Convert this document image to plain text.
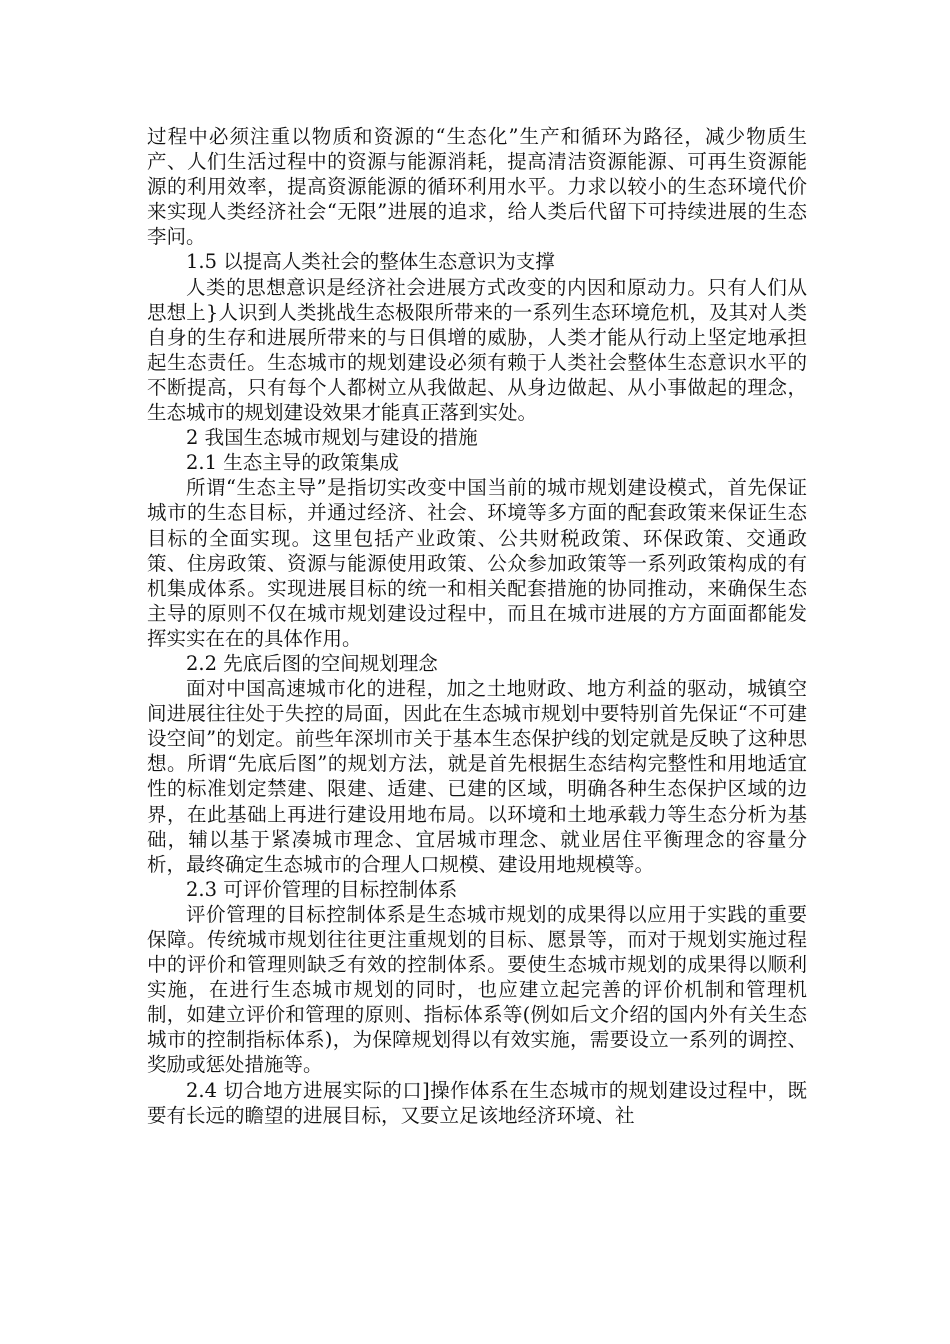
过程中必须注重以物质和资源的“生态化”生产和循环为路径，减少物质生产、人们生活过程中的资源与能源消耗，提高清洁资源能源、可再生资源能源的利用效率，提高资源能源的循环利用水平。力求以较小的生态环境代价来实现人类经济社会“无限”进展的追求，给人类后代留下可持续进展的生态李问。

1.5 以提高人类社会的整体生态意识为支撑

人类的思想意识是经济社会进展方式改变的内因和原动力。只有人们从思想上}人识到人类挑战生态极限所带来的一系列生态环境危机，及其对人类自身的生存和进展所带来的与日俱增的威胁，人类才能从行动上坚定地承担起生态责任。生态城市的规划建设必须有赖于人类社会整体生态意识水平的不断提高，只有每个人都树立从我做起、从身边做起、从小事做起的理念，生态城市的规划建设效果才能真正落到实处。

2 我国生态城市规划与建设的措施

2.1 生态主导的政策集成

所谓“生态主导”是指切实改变中国当前的城市规划建设模式，首先保证城市的生态目标，并通过经济、社会、环境等多方面的配套政策来保证生态目标的全面实现。这里包括产业政策、公共财税政策、环保政策、交通政策、住房政策、资源与能源使用政策、公众参加政策等一系列政策构成的有机集成体系。实现进展目标的统一和相关配套措施的协同推动，来确保生态主导的原则不仅在城市规划建设过程中，而且在城市进展的方方面面都能发挥实实在在的具体作用。

2.2 先底后图的空间规划理念

面对中国高速城市化的进程，加之土地财政、地方利益的驱动，城镇空间进展往往处于失控的局面，因此在生态城市规划中要特别首先保证“不可建设空间”的划定。前些年深圳市关于基本生态保护线的划定就是反映了这种思想。所谓“先底后图”的规划方法，就是首先根据生态结构完整性和用地适宜性的标准划定禁建、限建、适建、已建的区域，明确各种生态保护区域的边界，在此基础上再进行建设用地布局。以环境和土地承载力等生态分析为基础，辅以基于紧凑城市理念、宜居城市理念、就业居住平衡理念的容量分析，最终确定生态城市的合理人口规模、建设用地规模等。

2.3 可评价管理的目标控制体系

评价管理的目标控制体系是生态城市规划的成果得以应用于实践的重要保障。传统城市规划往往更注重规划的目标、愿景等，而对于规划实施过程中的评价和管理则缺乏有效的控制体系。要使生态城市规划的成果得以顺利实施，在进行生态城市规划的同时，也应建立起完善的评价机制和管理机制，如建立评价和管理的原则、指标体系等(例如后文介绍的国内外有关生态城市的控制指标体系)，为保障规划得以有效实施，需要设立一系列的调控、奖励或惩处措施等。

2.4 切合地方进展实际的口]操作体系在生态城市的规划建设过程中，既要有长远的瞻望的进展目标，又要立足该地经济环境、社
